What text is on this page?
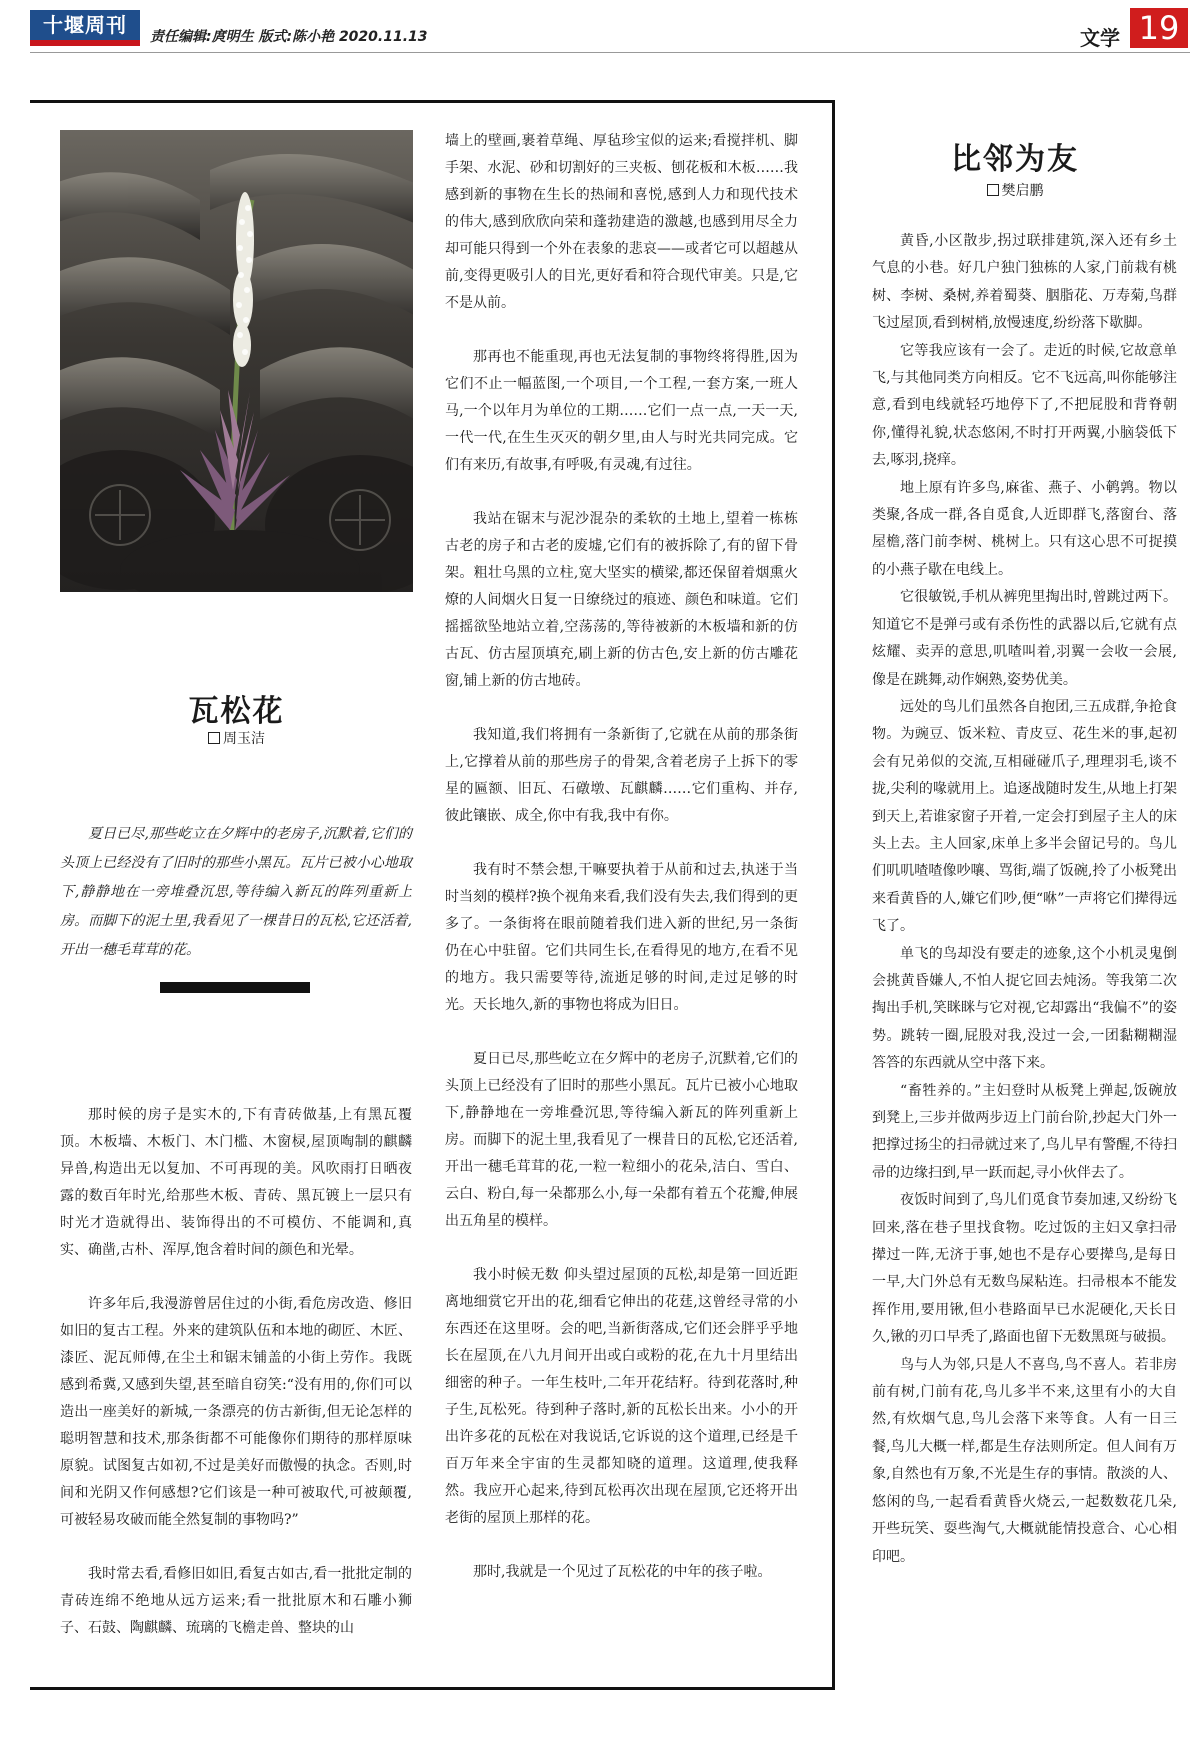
十堰周刊	责任编辑:庹明生 版式:陈小艳 2020.11.13	文学 19
瓦松花
周玉洁
夏日已尽,那些屹立在夕辉中的老房子,沉默着,它们的头顶上已经没有了旧时的那些小黑瓦。瓦片已被小心地取下,静静地在一旁堆叠沉思,等待编入新瓦的阵列重新上房。而脚下的泥土里,我看见了一棵昔日的瓦松,它还活着,开出一穗毛茸茸的花。

那时候的房子是实木的,下有青砖做基,上有黑瓦覆顶。木板墙、木板门、木门槛、木窗棂,屋顶啕制的麒麟异兽,构造出无以复加、不可再现的美。风吹雨打日晒夜露的数百年时光,给那些木板、青砖、黑瓦镀上一层只有时光才造就得出、装饰得出的不可模仿、不能调和,真实、确凿,古朴、浑厚,饱含着时间的颜色和光晕。

许多年后,我漫游曾居住过的小街,看危房改造、修旧如旧的复古工程。外来的建筑队伍和本地的砌匠、木匠、漆匠、泥瓦师傅,在尘土和锯末铺盖的小街上劳作。我既感到希冀,又感到失望,甚至暗自窃笑:“没有用的,你们可以造出一座美好的新城,一条漂亮的仿古新街,但无论怎样的聪明智慧和技术,那条街都不可能像你们期待的那样原味原貌。试图复古如初,不过是美好而傲慢的执念。否则,时间和光阴又作何感想?它们该是一种可被取代,可被颠覆,可被轻易攻破而能全然复制的事物吗?”

我时常去看,看修旧如旧,看复古如古,看一批批定制的青砖连绵不绝地从远方运来;看一批批原木和石雕小狮子、石鼓、陶麒麟、琉璃的飞檐走兽、整块的山

墙上的壁画,裹着草绳、厚毡珍宝似的运来;看搅拌机、脚手架、水泥、砂和切割好的三夹板、刨花板和木板……我感到新的事物在生长的热闹和喜悦,感到人力和现代技术的伟大,感到欣欣向荣和蓬勃建造的激越,也感到用尽全力却可能只得到一个外在表象的悲哀——或者它可以超越从前,变得更吸引人的目光,更好看和符合现代审美。只是,它不是从前。

那再也不能重现,再也无法复制的事物终将得胜,因为它们不止一幅蓝图,一个项目,一个工程,一套方案,一班人马,一个以年月为单位的工期……它们一点一点,一天一天,一代一代,在生生灭灭的朝夕里,由人与时光共同完成。它们有来历,有故事,有呼吸,有灵魂,有过往。

我站在锯末与泥沙混杂的柔软的土地上,望着一栋栋古老的房子和古老的废墟,它们有的被拆除了,有的留下骨架。粗壮乌黑的立柱,宽大坚实的横梁,都还保留着烟熏火燎的人间烟火日复一日缭绕过的痕迹、颜色和味道。它们摇摇欲坠地站立着,空荡荡的,等待被新的木板墙和新的仿古瓦、仿古屋顶填充,刷上新的仿古色,安上新的仿古雕花窗,铺上新的仿古地砖。

我知道,我们将拥有一条新街了,它就在从前的那条街上,它撑着从前的那些房子的骨架,含着老房子上拆下的零星的匾额、旧瓦、石礅墩、瓦麒麟……它们重构、并存,彼此镶嵌、成全,你中有我,我中有你。

我有时不禁会想,干嘛要执着于从前和过去,执迷于当时当刻的模样?换个视角来看,我们没有失去,我们得到的更多了。一条街将在眼前随着我们进入新的世纪,另一条街仍在心中驻留。它们共同生长,在看得见的地方,在看不见的地方。我只需要等待,流逝足够的时间,走过足够的时光。天长地久,新的事物也将成为旧日。

夏日已尽,那些屹立在夕辉中的老房子,沉默着,它们的头顶上已经没有了旧时的那些小黑瓦。瓦片已被小心地取下,静静地在一旁堆叠沉思,等待编入新瓦的阵列重新上房。而脚下的泥土里,我看见了一棵昔日的瓦松,它还活着,开出一穗毛茸茸的花,一粒一粒细小的花朵,洁白、雪白、云白、粉白,每一朵都那么小,每一朵都有着五个花瓣,伸展出五角星的模样。

我小时候无数 仰头望过屋顶的瓦松,却是第一回近距离地细赏它开出的花,细看它伸出的花莛,这曾经寻常的小东西还在这里呀。会的吧,当新街落成,它们还会胖乎乎地长在屋顶,在八九月间开出或白或粉的花,在九十月里结出细密的种子。一年生枝叶,二年开花结籽。待到花落时,种子生,瓦松死。待到种子落时,新的瓦松长出来。小小的开出许多花的瓦松在对我说话,它诉说的这个道理,已经是千百万年来全宇宙的生灵都知晓的道理。这道理,使我释然。我应开心起来,待到瓦松再次出现在屋顶,它还将开出老街的屋顶上那样的花。

那时,我就是一个见过了瓦松花的中年的孩子啦。

比邻为友
樊启鹏

黄昏,小区散步,拐过联排建筑,深入还有乡土气息的小巷。好几户独门独栋的人家,门前栽有桃树、李树、桑树,养着蜀葵、胭脂花、万寿菊,鸟群飞过屋顶,看到树梢,放慢速度,纷纷落下歇脚。

它等我应该有一会了。走近的时候,它故意单飞,与其他同类方向相反。它不飞远高,叫你能够注意,看到电线就轻巧地停下了,不把屁股和背脊朝你,懂得礼貌,状态悠闲,不时打开两翼,小脑袋低下去,啄羽,挠痒。

地上原有许多鸟,麻雀、燕子、小鹌鹑。物以类聚,各成一群,各自觅食,人近即群飞,落窗台、落屋檐,落门前李树、桃树上。只有这心思不可捉摸的小燕子歇在电线上。

它很敏锐,手机从裤兜里掏出时,曾跳过两下。知道它不是弹弓或有杀伤性的武器以后,它就有点炫耀、卖弄的意思,叽喳叫着,羽翼一会收一会展,像是在跳舞,动作娴熟,姿势优美。

远处的鸟儿们虽然各自抱团,三五成群,争抢食物。为豌豆、饭米粒、青皮豆、花生米的事,起初会有兄弟似的交流,互相碰碰爪子,理理羽毛,谈不拢,尖利的喙就用上。追逐战随时发生,从地上打架到天上,若谁家窗子开着,一定会打到屋子主人的床头上去。主人回家,床单上多半会留记号的。鸟儿们叽叽喳喳像吵嚷、骂街,端了饭碗,拎了小板凳出来看黄昏的人,嫌它们吵,便“咻”一声将它们撵得远飞了。

单飞的鸟却没有要走的迹象,这个小机灵鬼倒会挑黄昏嫌人,不怕人捉它回去炖汤。等我第二次掏出手机,笑眯眯与它对视,它却露出“我偏不”的姿势。跳转一圈,屁股对我,没过一会,一团黏糊糊湿答答的东西就从空中落下来。

“畜牲养的。”主妇登时从板凳上弹起,饭碗放到凳上,三步并做两步迈上门前台阶,抄起大门外一把撑过扬尘的扫帚就过来了,鸟儿早有警醒,不待扫帚的边缘扫到,早一跃而起,寻小伙伴去了。

夜饭时间到了,鸟儿们觅食节奏加速,又纷纷飞回来,落在巷子里找食物。吃过饭的主妇又拿扫帚撵过一阵,无济于事,她也不是存心要撵鸟,是每日一早,大门外总有无数鸟屎粘连。扫帚根本不能发挥作用,要用锹,但小巷路面早已水泥硬化,天长日久,锹的刃口早秃了,路面也留下无数黑斑与破损。

鸟与人为邻,只是人不喜鸟,鸟不喜人。若非房前有树,门前有花,鸟儿多半不来,这里有小的大自然,有炊烟气息,鸟儿会落下来等食。人有一日三餐,鸟儿大概一样,都是生存法则所定。但人间有万象,自然也有万象,不光是生存的事情。散淡的人、悠闲的鸟,一起看看黄昏火烧云,一起数数花几朵,开些玩笑、耍些淘气,大概就能情投意合、心心相印吧。
